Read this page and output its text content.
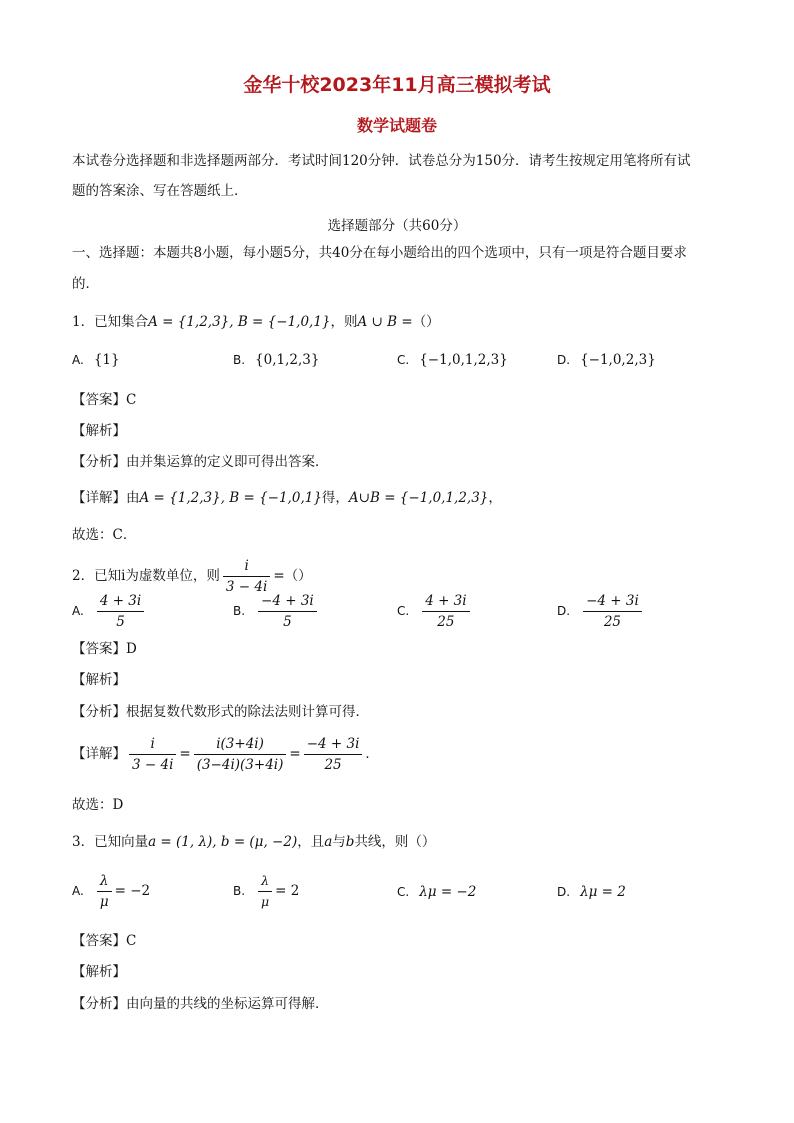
金华十校2023年11月高三模拟考试
数学试题卷
本试卷分选择题和非选择题两部分．考试时间120分钟．试卷总分为150分．请考生按规定用笔将所有试
题的答案涂、写在答题纸上．
选择题部分（共60分）
一、选择题：本题共8小题，每小题5分，共40分在每小题给出的四个选项中，只有一项是符合题目要求
的．
1．已知集合A = {1,2,3}, B = {−1,0,1}，则A ∪ B =（）
A. {1}	B. {0,1,2,3}	C. {−1,0,1,2,3}	D. {−1,0,2,3}
【答案】C
【解析】
【分析】由并集运算的定义即可得出答案．
【详解】由A = {1,2,3}, B = {−1,0,1}得，A∪B = {−1,0,1,2,3}，
故选：C．
2．已知i为虚数单位，则 $\frac{i}{3 - 4i}$ =（）
A. $\frac{4 + 3i}{5}$	B. $\frac{-4 + 3i}{5}$	C. $\frac{4 + 3i}{25}$	D. $\frac{-4 + 3i}{25}$
【答案】D
【解析】
【分析】根据复数代数形式的除法法则计算可得．
【详解】 $\frac{i}{3 - 4i} = \frac{i(3+4i)}{(3-4i)(3+4i)} = \frac{-4 + 3i}{25}$ ．
故选：D
3．已知向量a = (1, λ), b = (μ, −2)，且a与b共线，则（）
A. $\frac{\lambda}{\mu} = -2$	B. $\frac{\lambda}{\mu} = 2$	C. λμ = −2	D. λμ = 2
【答案】C
【解析】
【分析】由向量的共线的坐标运算可得解．
